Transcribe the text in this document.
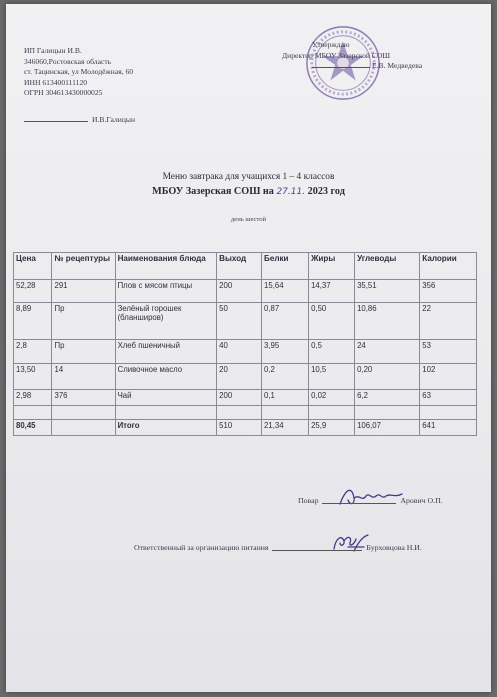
ИП Галицын И.В.
346060,Ростовская область
ст. Тацинская, ул Молодёжная, 60
ИНН 613400111120
ОГРН 304613430000025
И.В.Галицын
Утверждаю
Директор МБОУ Зазерской СОШ
Е.В. Медведева
Меню завтрака для учащихся 1 – 4 классов
МБОУ Зазерская СОШ на 27.11. 2023 год
день шестой
Цена	№ рецептуры	Наименования блюда	Выход	Белки	Жиры	Углеводы	Калории
52,28	291	Плов с мясом птицы	200	15,64	14,37	35,51	356
8,89	Пр	Зелёный горошек (бланширов)	50	0,87	0,50	10,86	22
2,8	Пр	Хлеб пшеничный	40	3,95	0,5	24	53
13,50	14	Сливочное масло	20	0,2	10,5	0,20	102
2,98	376	Чай	200	0,1	0,02	6,2	63

80,45		Итого	510	21,34	25,9	106,07	641
Повар	Арович О.П.
Ответственный за организацию питания	Бурховцова Н.И.
